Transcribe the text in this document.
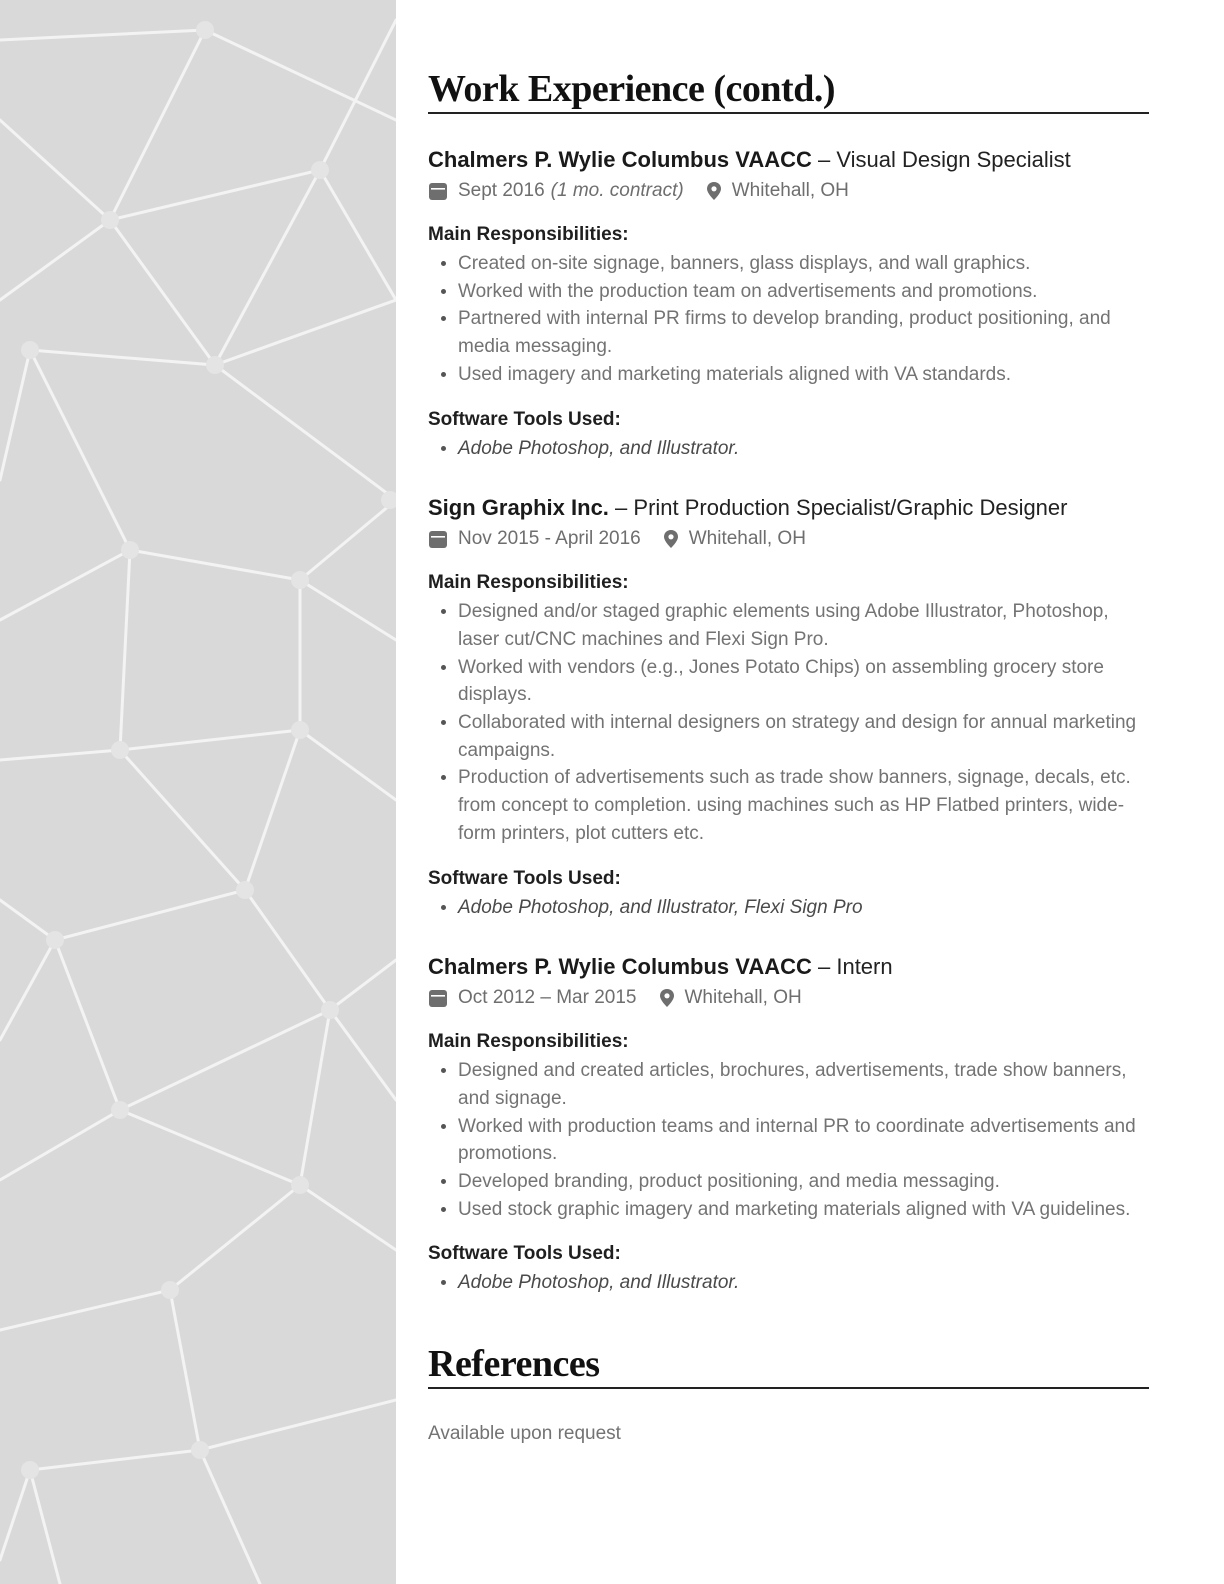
Work Experience (contd.)
Chalmers P. Wylie Columbus VAACC – Visual Design Specialist
Sept 2016 (1 mo. contract)	Whitehall, OH
Main Responsibilities:
Created on-site signage, banners, glass displays, and wall graphics.
Worked with the production team on advertisements and promotions.
Partnered with internal PR firms to develop branding, product positioning, and media messaging.
Used imagery and marketing materials aligned with VA standards.
Software Tools Used:
Adobe Photoshop, and Illustrator.
Sign Graphix Inc. – Print Production Specialist/Graphic Designer
Nov 2015 - April 2016	Whitehall, OH
Main Responsibilities:
Designed and/or staged graphic elements using Adobe Illustrator, Photoshop, laser cut/CNC machines and Flexi Sign Pro.
Worked with vendors (e.g., Jones Potato Chips) on assembling grocery store displays.
Collaborated with internal designers on strategy and design for annual marketing campaigns.
Production of advertisements such as trade show banners, signage, decals, etc. from concept to completion. using machines such as HP Flatbed printers, wide-form printers, plot cutters etc.
Software Tools Used:
Adobe Photoshop, and Illustrator, Flexi Sign Pro
Chalmers P. Wylie Columbus VAACC – Intern
Oct 2012 – Mar 2015	Whitehall, OH
Main Responsibilities:
Designed and created articles, brochures, advertisements, trade show banners, and signage.
Worked with production teams and internal PR to coordinate advertisements and promotions.
Developed branding, product positioning, and media messaging.
Used stock graphic imagery and marketing materials aligned with VA guidelines.
Software Tools Used:
Adobe Photoshop, and Illustrator.
References
Available upon request
